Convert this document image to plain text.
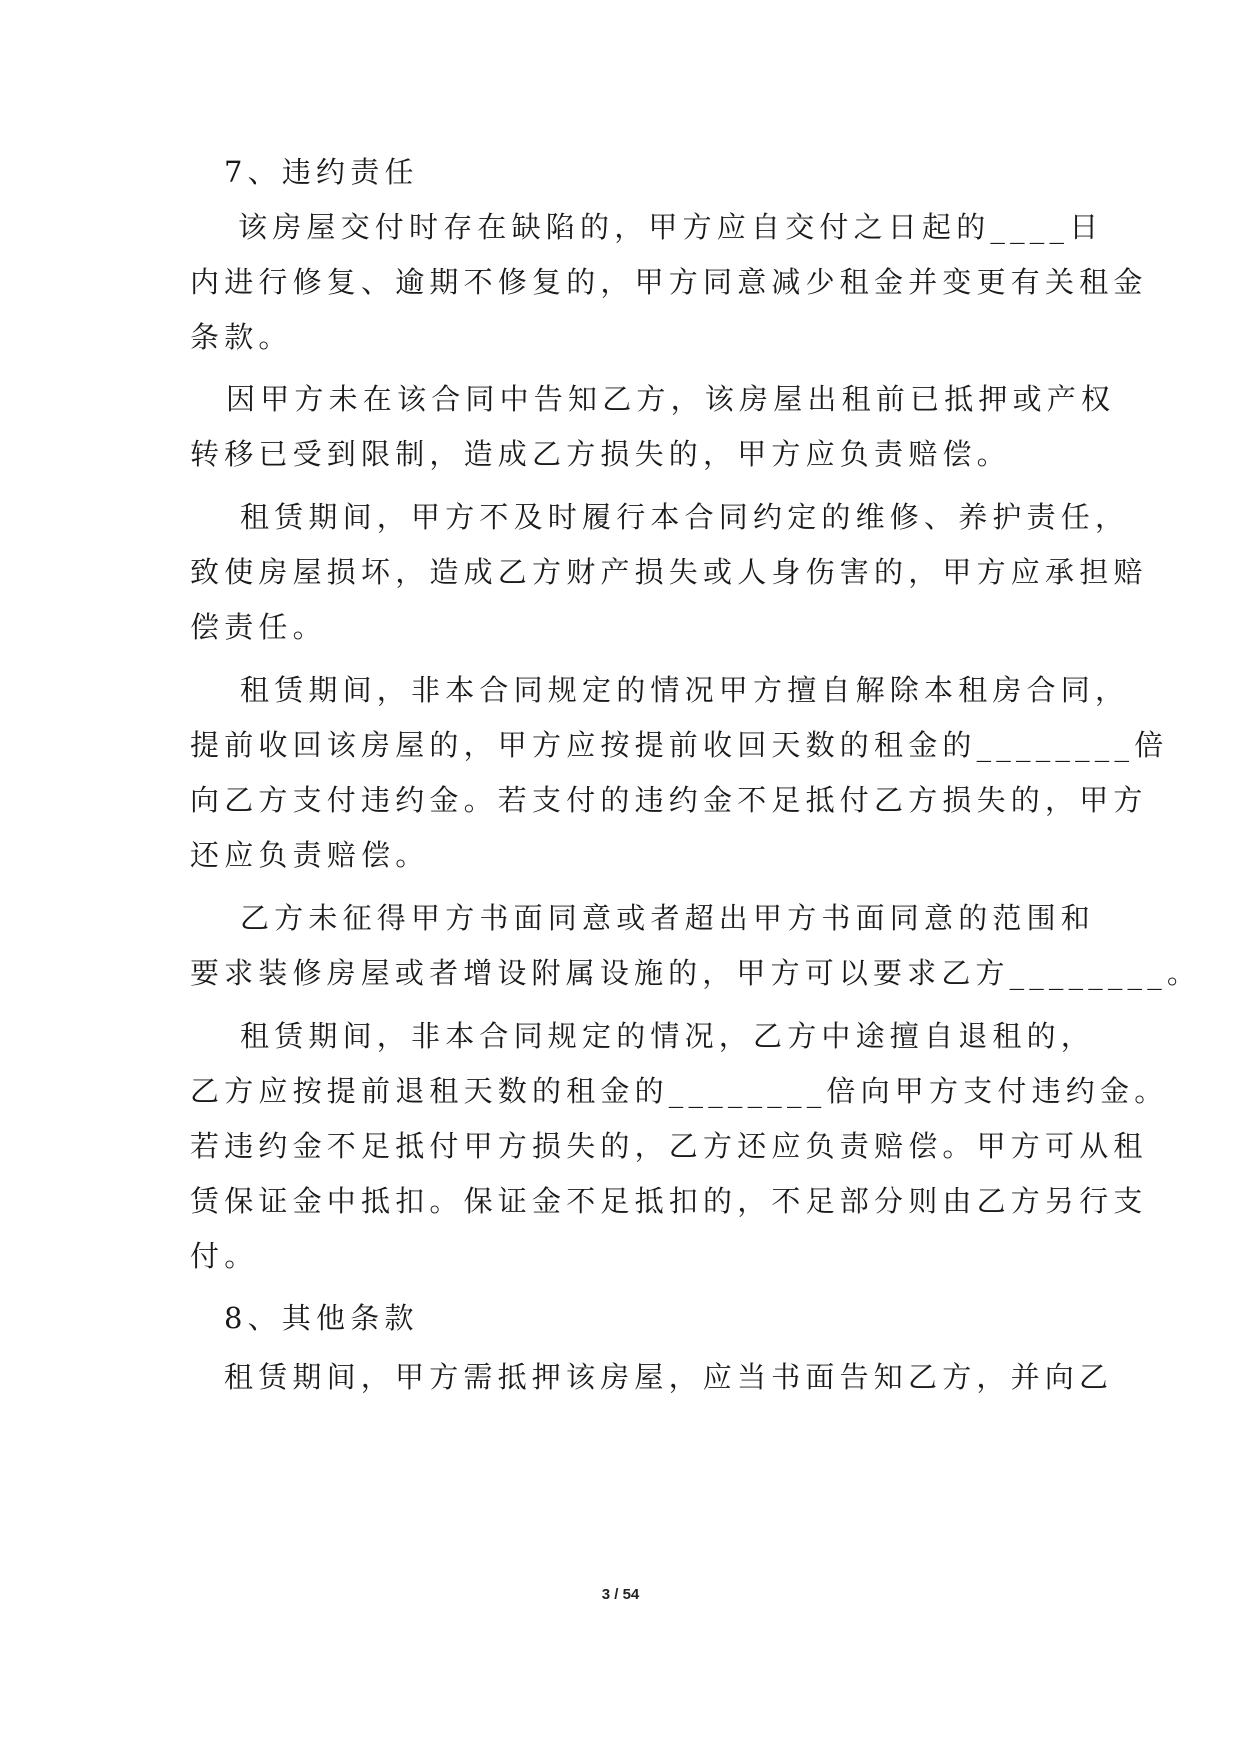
7、违约责任
该房屋交付时存在缺陷的，甲方应自交付之日起的____日
内进行修复、逾期不修复的，甲方同意减少租金并变更有关租金
条款。
因甲方未在该合同中告知乙方，该房屋出租前已抵押或产权
转移已受到限制，造成乙方损失的，甲方应负责赔偿。
租赁期间，甲方不及时履行本合同约定的维修、养护责任，
致使房屋损坏，造成乙方财产损失或人身伤害的，甲方应承担赔
偿责任。
租赁期间，非本合同规定的情况甲方擅自解除本租房合同，
提前收回该房屋的，甲方应按提前收回天数的租金的________倍
向乙方支付违约金。若支付的违约金不足抵付乙方损失的，甲方
还应负责赔偿。
乙方未征得甲方书面同意或者超出甲方书面同意的范围和
要求装修房屋或者增设附属设施的，甲方可以要求乙方________。
租赁期间，非本合同规定的情况，乙方中途擅自退租的，
乙方应按提前退租天数的租金的________倍向甲方支付违约金。
若违约金不足抵付甲方损失的，乙方还应负责赔偿。甲方可从租
赁保证金中抵扣。保证金不足抵扣的，不足部分则由乙方另行支
付。
8、其他条款
租赁期间，甲方需抵押该房屋，应当书面告知乙方，并向乙
3 / 54
